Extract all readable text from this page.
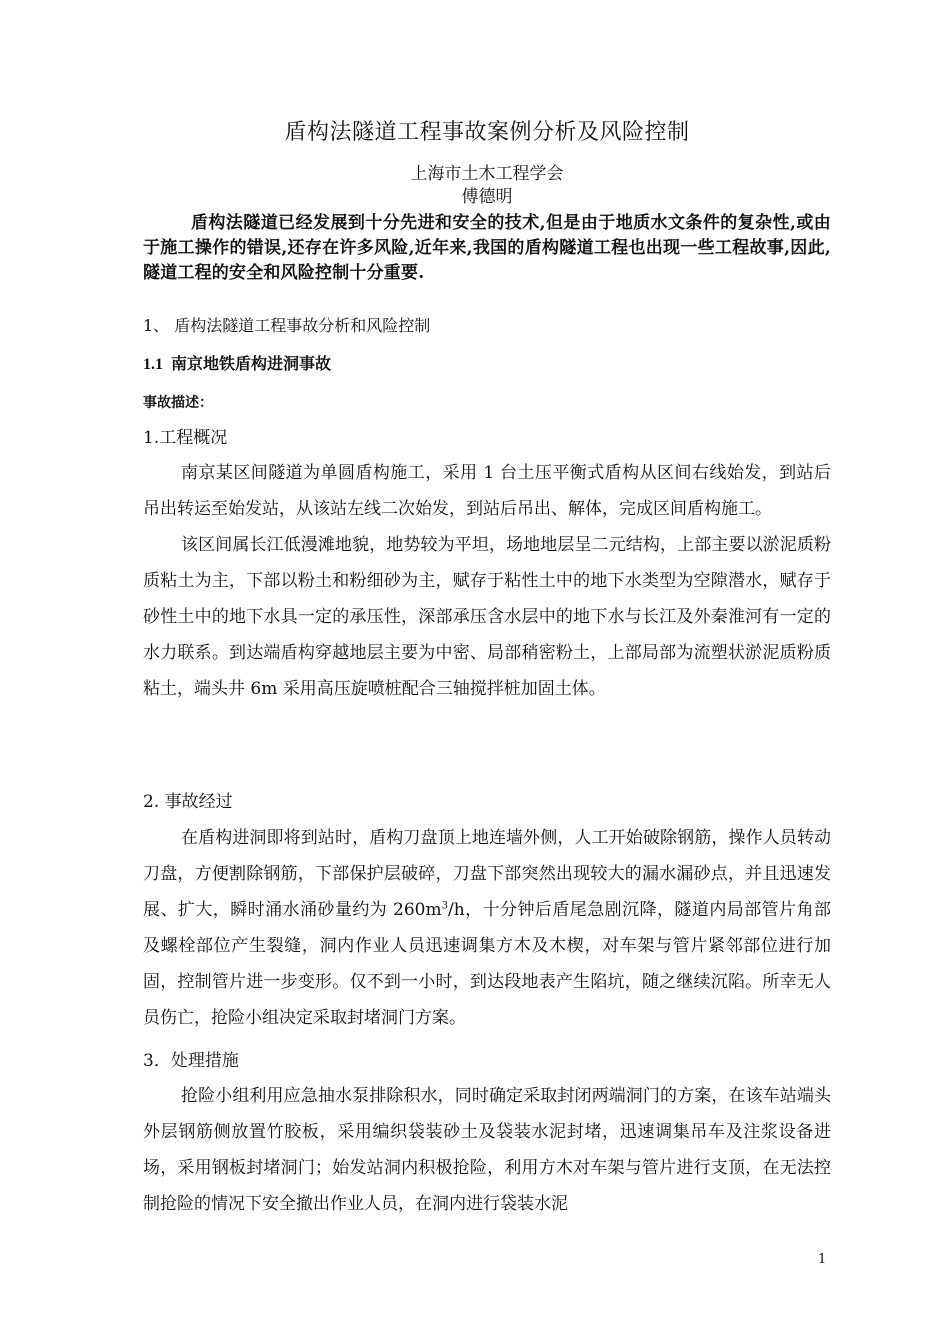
盾构法隧道工程事故案例分析及风险控制
上海市土木工程学会
傅德明
盾构法隧道已经发展到十分先进和安全的技术,但是由于地质水文条件的复杂性,或由于施工操作的错误,还存在许多风险,近年来,我国的盾构隧道工程也出现一些工程故事,因此, 隧道工程的安全和风险控制十分重要.
1、 盾构法隧道工程事故分析和风险控制
1.1 南京地铁盾构进洞事故
事故描述：
1.工程概况

南京某区间隧道为单圆盾构施工，采用 1 台土压平衡式盾构从区间右线始发，到站后吊出转运至始发站，从该站左线二次始发，到站后吊出、解体，完成区间盾构施工。

该区间属长江低漫滩地貌，地势较为平坦，场地地层呈二元结构，上部主要以淤泥质粉质粘土为主，下部以粉土和粉细砂为主，赋存于粘性土中的地下水类型为空隙潜水，赋存于砂性土中的地下水具一定的承压性，深部承压含水层中的地下水与长江及外秦淮河有一定的水力联系。到达端盾构穿越地层主要为中密、局部稍密粉土，上部局部为流塑状淤泥质粉质粘土，端头井 6m 采用高压旋喷桩配合三轴搅拌桩加固土体。

2. 事故经过

在盾构进洞即将到站时，盾构刀盘顶上地连墙外侧，人工开始破除钢筋，操作人员转动刀盘，方便割除钢筋，下部保护层破碎，刀盘下部突然出现较大的漏水漏砂点，并且迅速发展、扩大，瞬时涌水涌砂量约为 $260m^3/h$，十分钟后盾尾急剧沉降，隧道内局部管片角部及螺栓部位产生裂缝，洞内作业人员迅速调集方木及木楔，对车架与管片紧邻部位进行加固，控制管片进一步变形。仅不到一小时，到达段地表产生陷坑，随之继续沉陷。所幸无人员伤亡，抢险小组决定采取封堵洞门方案。

3．处理措施

抢险小组利用应急抽水泵排除积水，同时确定采取封闭两端洞门的方案，在该车站端头外层钢筋侧放置竹胶板，采用编织袋装砂土及袋装水泥封堵，迅速调集吊车及注浆设备进场，采用钢板封堵洞门；始发站洞内积极抢险，利用方木对车架与管片进行支顶，在无法控制抢险的情况下安全撤出作业人员，在洞内进行袋装水泥

1
